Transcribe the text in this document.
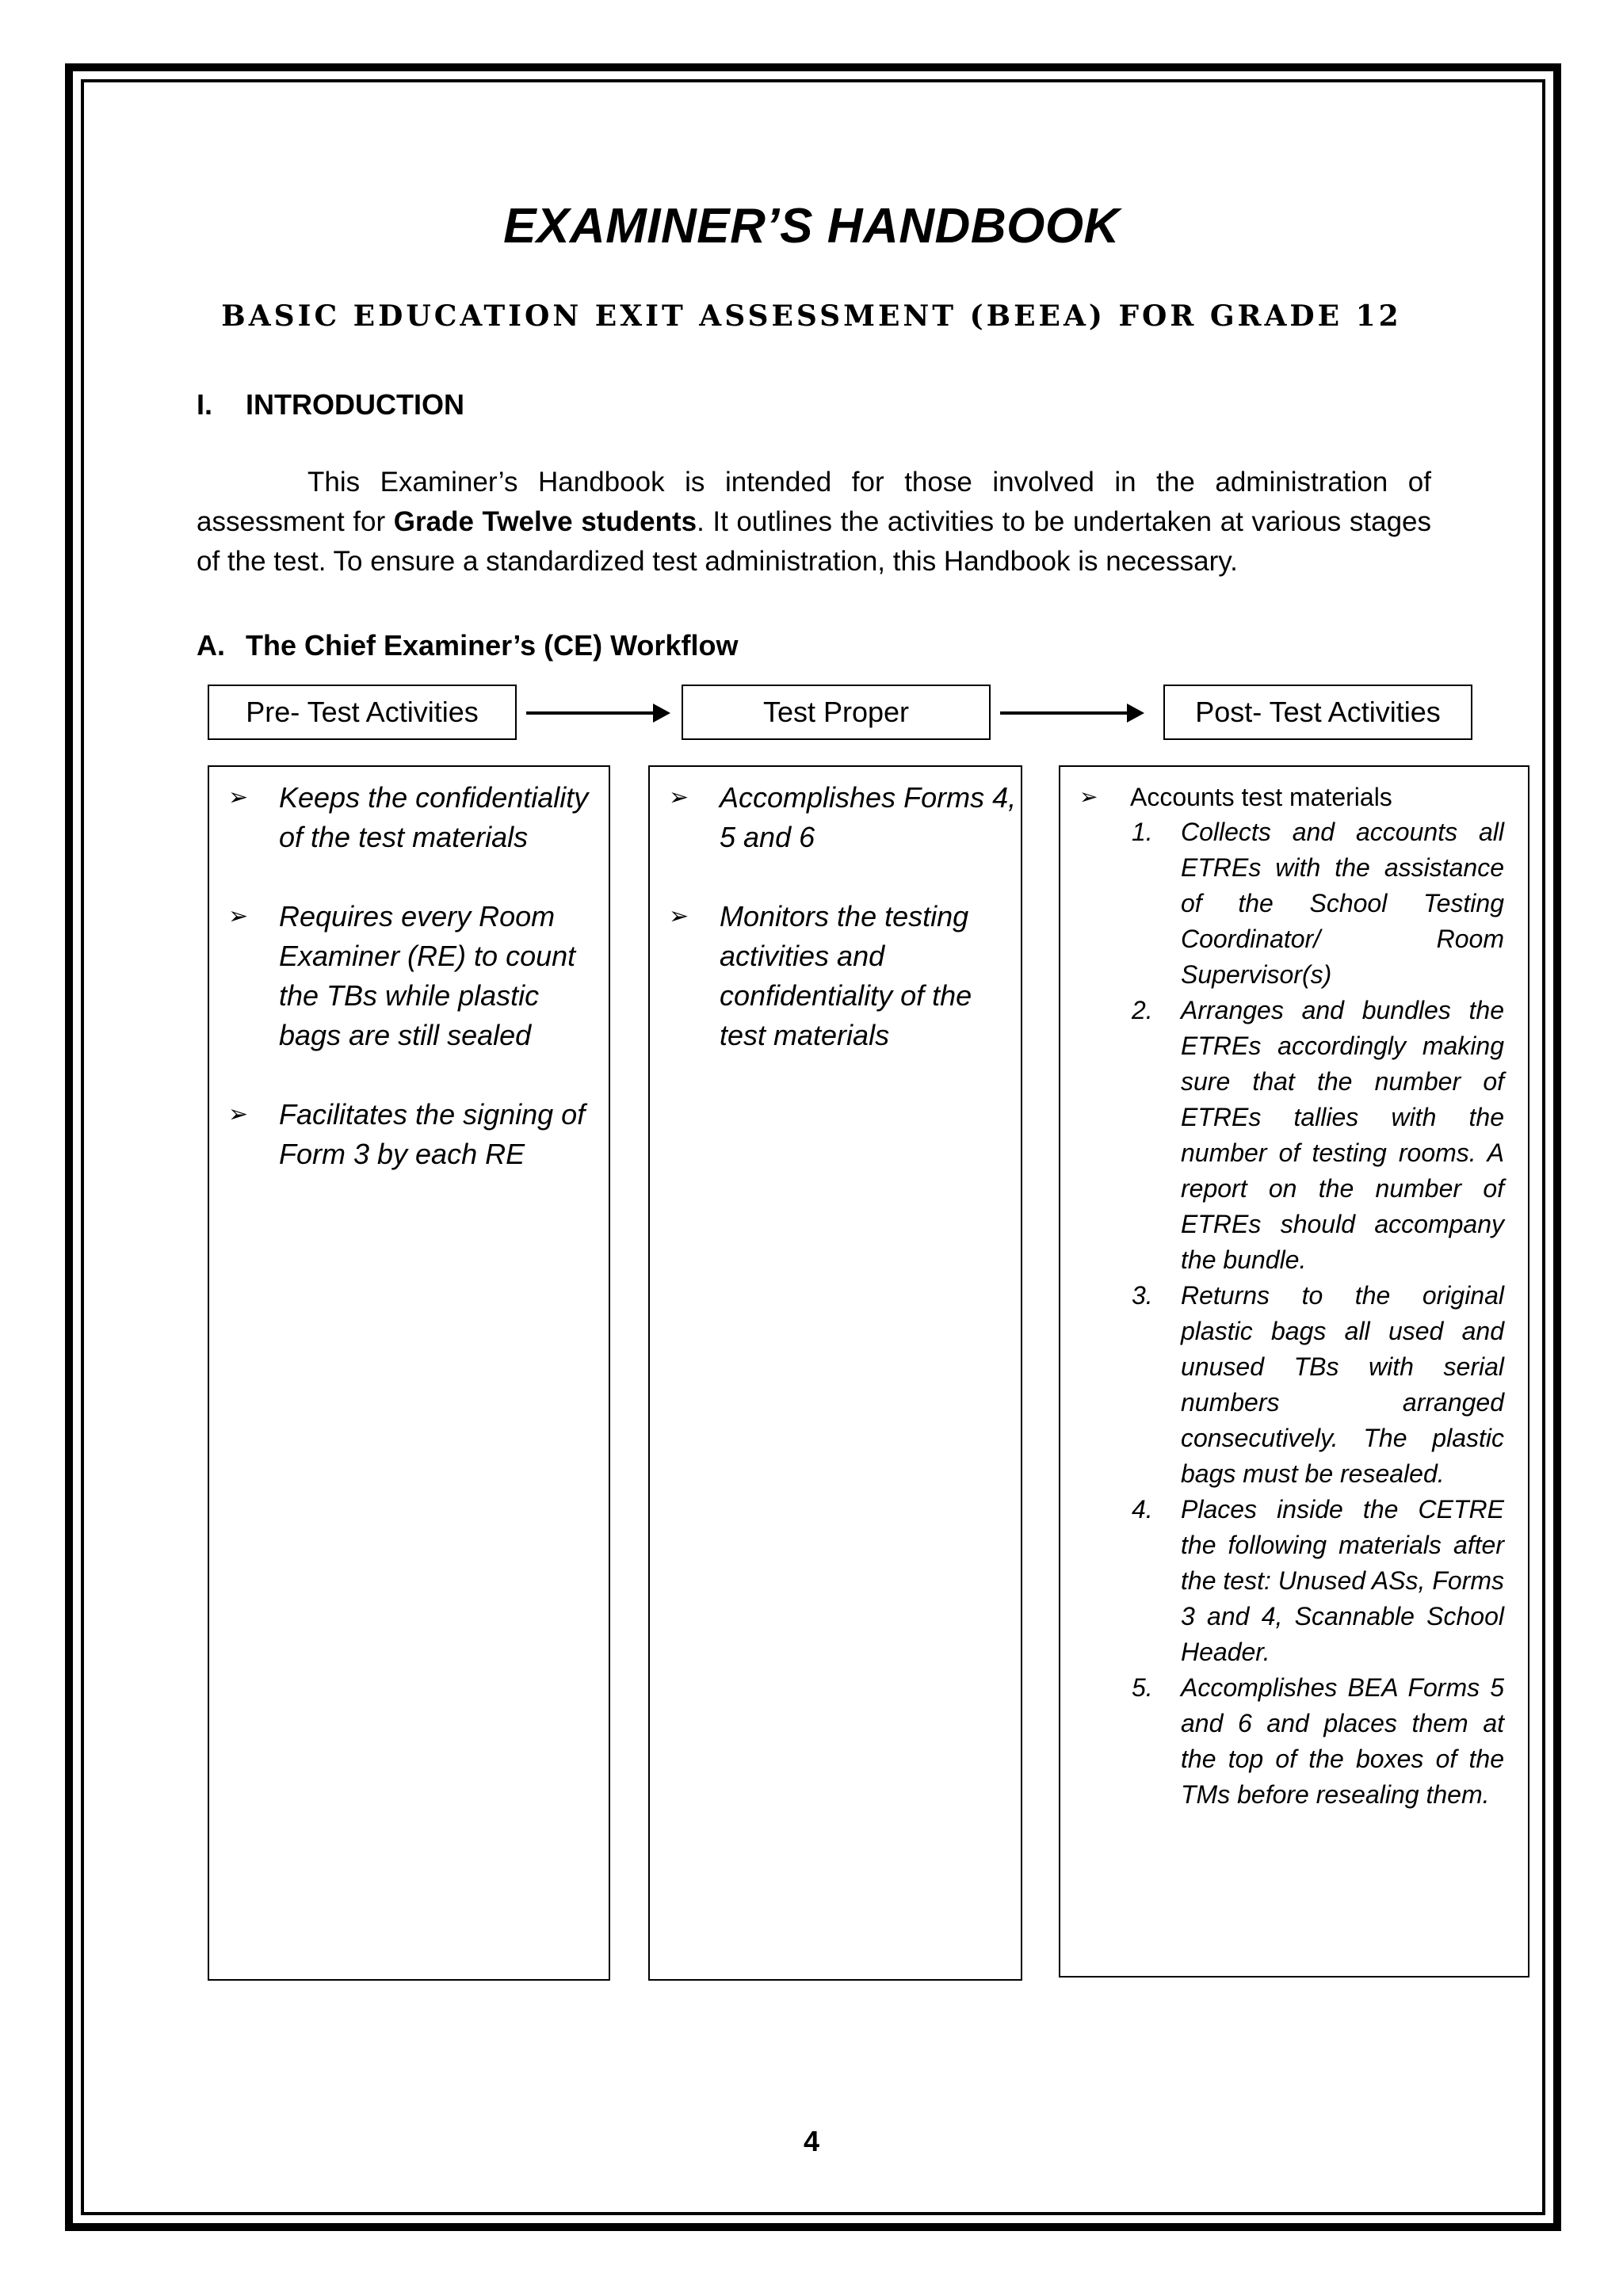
EXAMINER’S HANDBOOK
BASIC EDUCATION EXIT ASSESSMENT (BEEA) FOR GRADE 12
I. INTRODUCTION

This Examiner’s Handbook is intended for those involved in the administration of assessment for Grade Twelve students. It outlines the activities to be undertaken at various stages of the test. To ensure a standardized test administration, this Handbook is necessary.

A. The Chief Examiner’s (CE) Workflow
Pre- Test Activities	Test Proper	Post- Test Activities
➢ Keeps the confidentiality of the test materials
➢ Requires every Room Examiner (RE) to count the TBs while plastic bags are still sealed
➢ Facilitates the signing of Form 3 by each RE
➢ Accomplishes Forms 4, 5 and 6
➢ Monitors the testing activities and confidentiality of the test materials
➢ Accounts test materials
1. Collects and accounts all ETREs with the assistance of the School Testing Coordinator/ Room Supervisor(s)
2. Arranges and bundles the ETREs accordingly making sure that the number of ETREs tallies with the number of testing rooms. A report on the number of ETREs should accompany the bundle.
3. Returns to the original plastic bags all used and unused TBs with serial numbers arranged consecutively. The plastic bags must be resealed.
4. Places inside the CETRE the following materials after the test: Unused ASs, Forms 3 and 4, Scannable School Header.
5. Accomplishes BEA Forms 5 and 6 and places them at the top of the boxes of the TMs before resealing them.
4
